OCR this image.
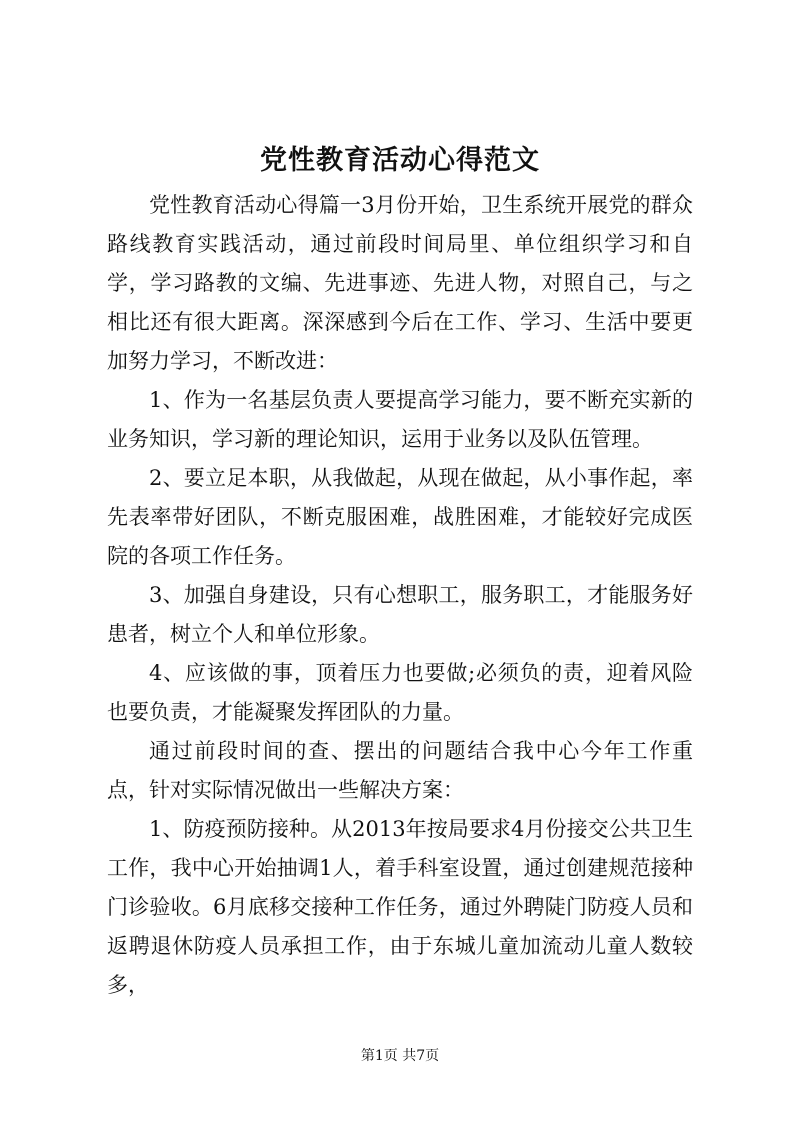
党性教育活动心得范文

党性教育活动心得篇一3月份开始，卫生系统开展党的群众路线教育实践活动，通过前段时间局里、单位组织学习和自学，学习路教的文编、先进事迹、先进人物，对照自己，与之相比还有很大距离。深深感到今后在工作、学习、生活中要更加努力学习，不断改进：

1、作为一名基层负责人要提高学习能力，要不断充实新的业务知识，学习新的理论知识，运用于业务以及队伍管理。

2、要立足本职，从我做起，从现在做起，从小事作起，率先表率带好团队，不断克服困难，战胜困难，才能较好完成医院的各项工作任务。

3、加强自身建设，只有心想职工，服务职工，才能服务好患者，树立个人和单位形象。

4、应该做的事，顶着压力也要做;必须负的责，迎着风险也要负责，才能凝聚发挥团队的力量。

通过前段时间的查、摆出的问题结合我中心今年工作重点，针对实际情况做出一些解决方案：

1、防疫预防接种。从2013年按局要求4月份接交公共卫生工作，我中心开始抽调1人，着手科室设置，通过创建规范接种门诊验收。6月底移交接种工作任务，通过外聘陡门防疫人员和返聘退休防疫人员承担工作，由于东城儿童加流动儿童人数较多，

第1页 共7页
